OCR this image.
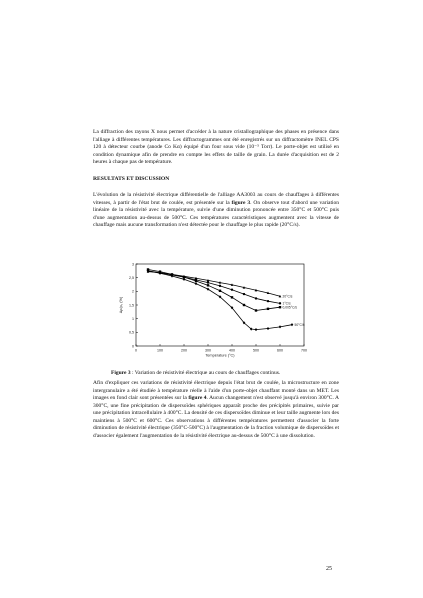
La diffraction des rayons X nous permet d'accéder à la nature cristallographique des phases en présence dans l'alliage à différentes températures. Les diffractogrammes ont été enregistrés sur un diffractomètre INEL CPS 120 à détecteur courbe (anode Co Kα) équipé d'un four sous vide (10⁻⁵ Torr). Le porte-objet est utilisé en condition dynamique afin de prendre en compte les effets de taille de grain. La durée d'acquisition est de 2 heures à chaque pas de température.

RESULTATS ET DISCUSSION

L'évolution de la résistivité électrique différentielle de l'alliage AA3003 au cours de chauffages à différentes vitesses, à partir de l'état brut de coulée, est présentée sur la figure 3. On observe tout d'abord une variation linéaire de la résistivité avec la température, suivie d'une diminution prononcée entre 350°C et 500°C puis d'une augmentation au-dessus de 500°C. Ces températures caractéristiques augmentent avec la vitesse de chauffage mais aucune transformation n'est détectée pour le chauffage le plus rapide (20°C/s).

0	100	200	300	400	500	600	700
0
0,5
1
1,5
2
2,5
3
Température (°C)
Δρ/ρ₀ (%)
20°C/s
1°C/s
0,005°C/s
50°C/h

Figure 3 : Variation de résistivité électrique au cours de chauffages continus.

Afin d'expliquer ces variations de résistivité électrique depuis l'état brut de coulée, la microstructure en zone intergranulaire a été étudiée à température réelle à l'aide d'un porte-objet chauffant monté dans un MET. Les images en fond clair sont présentées sur la figure 4. Aucun changement n'est observé jusqu'à environ 300°C. A 300°C, une fine précipitation de dispersoïdes sphériques apparaît proche des précipités primaires, suivie par une précipitation intracellulaire à 400°C. La densité de ces dispersoïdes diminue et leur taille augmente lors des maintiens à 500°C et 600°C. Ces observations à différentes températures permettent d'associer la forte diminution de résistivité électrique (350°C-500°C) à l'augmentation de la fraction volumique de dispersoïdes et d'associer également l'augmentation de la résistivité électrique au-dessus de 500°C à une dissolution.

25
